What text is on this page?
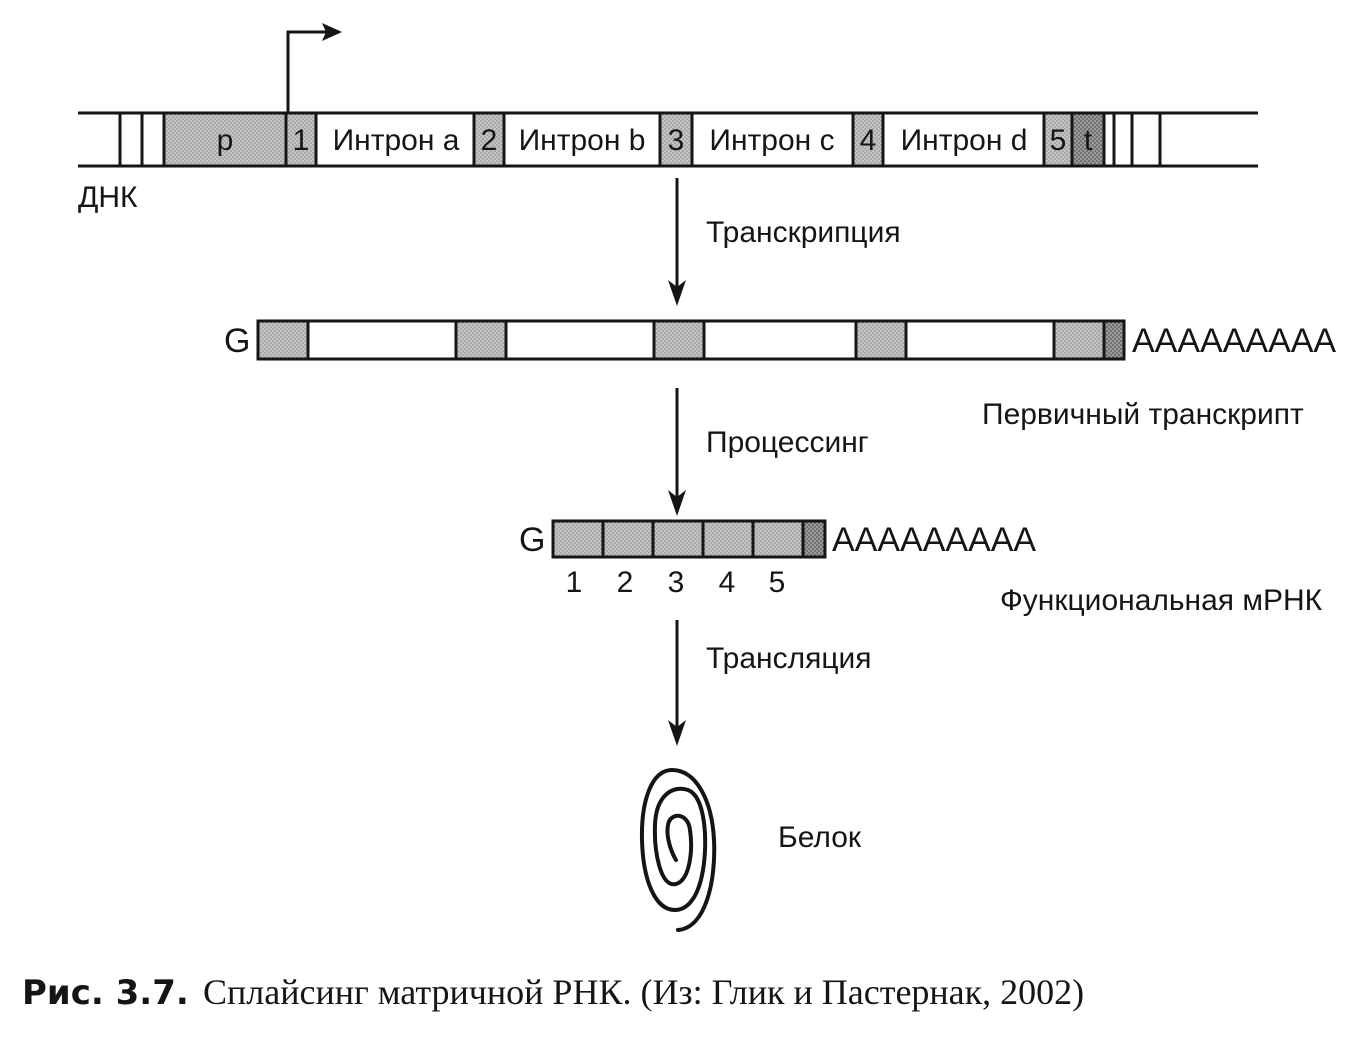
p 1 Интрон a 2 Интрон b 3 Интрон c 4 Интрон d 5 t
ДНК
Транскрипция
G	AAAAAAAAA
Первичный транскрипт
Процессинг
G	AAAAAAAAA
1 2 3 4 5
Функциональная мРНК
Трансляция
Белок
Рис. 3.7. Сплайсинг матричной РНК. (Из: Глик и Пастернак, 2002)
